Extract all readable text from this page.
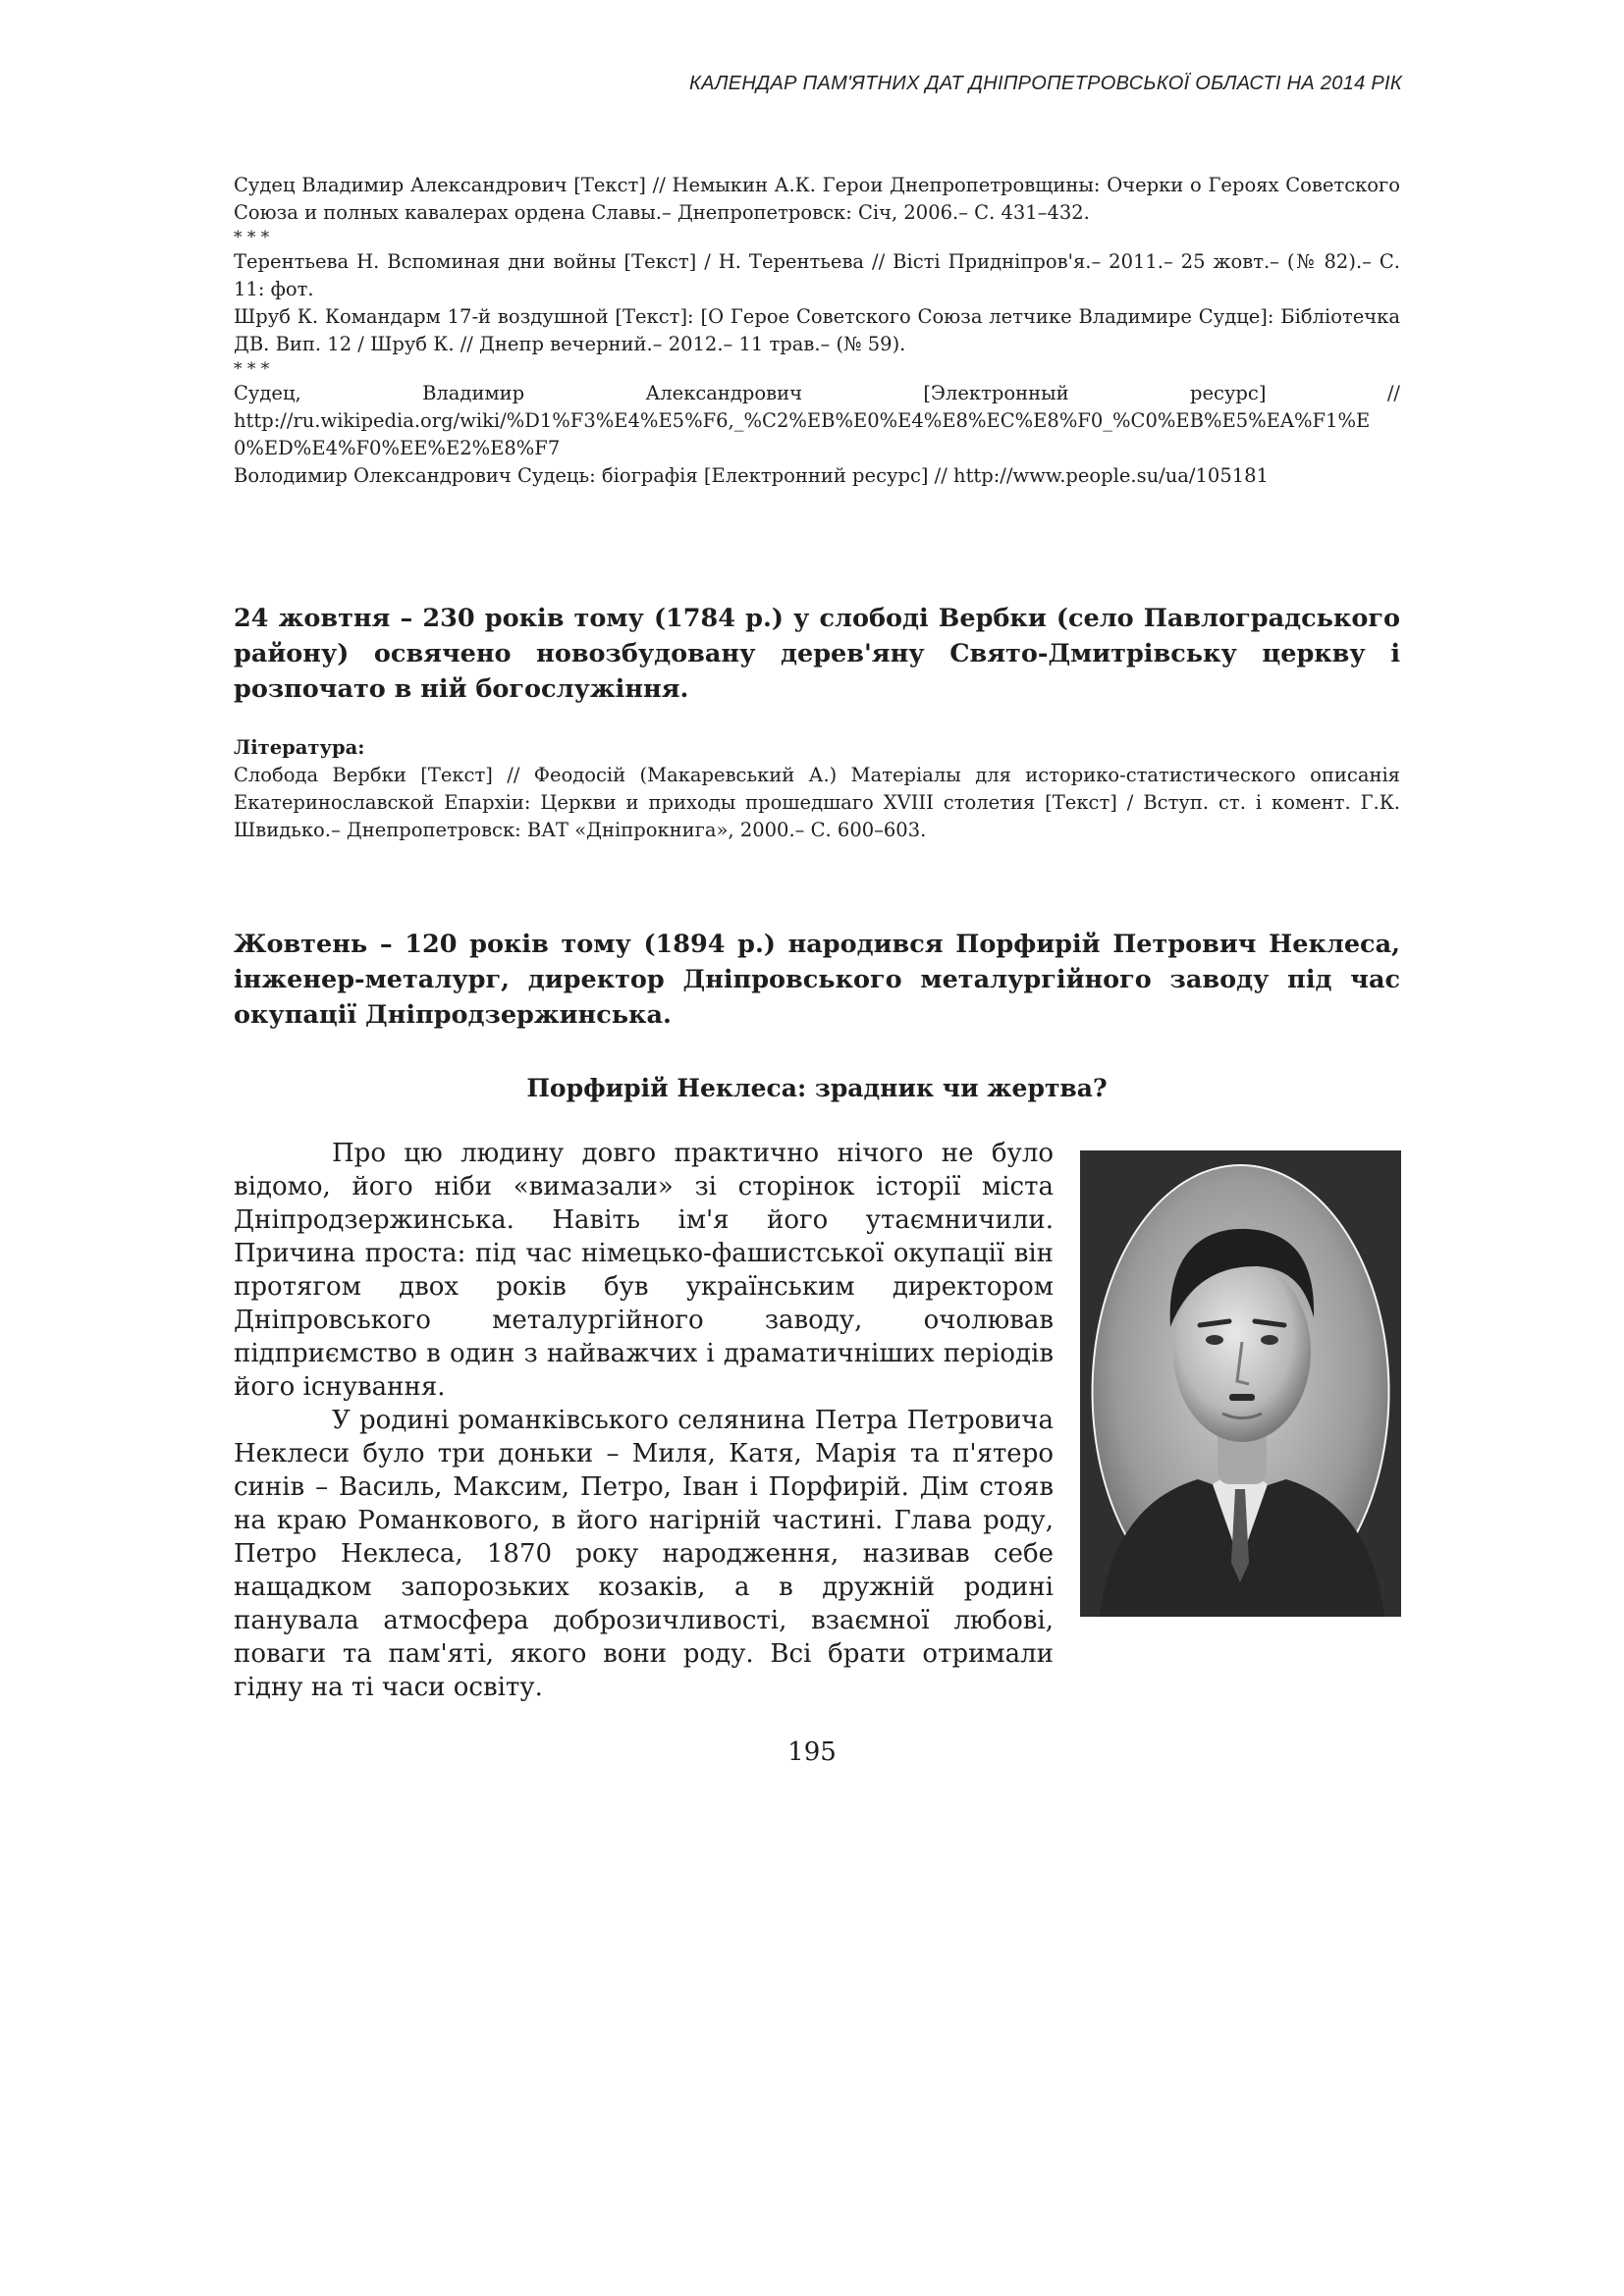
КАЛЕНДАР ПАМ'ЯТНИХ ДАТ ДНІПРОПЕТРОВСЬКОЇ ОБЛАСТІ НА 2014 РІК

Судец Владимир Александрович [Текст] // Немыкин А.К. Герои Днепропетровщины: Очерки о Героях Советского Союза и полных кавалерах ордена Славы.– Днепропетровск: Січ, 2006.– С. 431–432.

* * *

Терентьева Н. Вспоминая дни войны [Текст] / Н. Терентьева // Вісті Придніпров'я.– 2011.– 25 жовт.– (№ 82).– С. 11: фот.

Шруб К. Командарм 17-й воздушной [Текст]: [О Герое Советского Союза летчике Владимире Судце]: Бібліотечка ДВ. Вип. 12 / Шруб К. // Днепр вечерний.– 2012.– 11 трав.– (№ 59).

* * *

Судец, Владимир Александрович [Электронный ресурс] //

http://ru.wikipedia.org/wiki/%D1%F3%E4%E5%F6,_%C2%EB%E0%E4%E8%EC%E8%F0_%C0%EB%E5%EA%F1%E0%ED%E4%F0%EE%E2%E8%F7

Володимир Олександрович Судець: біографія [Електронний ресурс] // http://www.people.su/ua/105181

24 жовтня – 230 років тому (1784 р.) у слободі Вербки (село Павлоградського району) освячено новозбудовану дерев'яну Свято-Дмитрівську церкву і розпочато в ній богослужіння.

Література:

Слобода Вербки [Текст] // Феодосій (Макаревський А.) Матеріалы для историко-статистического описанія Екатеринославской Епархіи: Церкви и приходы прошедшаго XVIII столетия [Текст] / Вступ. ст. і комент. Г.К. Швидько.– Днепропетровск: ВАТ «Дніпрокнига», 2000.– С. 600–603.

Жовтень – 120 років тому (1894 р.) народився Порфирій Петрович Неклеса, інженер-металург, директор Дніпровського металургійного заводу під час окупації Дніпродзержинська.

Порфирій Неклеса: зрадник чи жертва?

Про цю людину довго практично нічого не було відомо, його ніби «вимазали» зі сторінок історії міста Дніпродзержинська. Навіть ім'я його утаємничили. Причина проста: під час німецько-фашистської окупації він протягом двох років був українським директором Дніпровського металургійного заводу, очолював підприємство в один з найважчих і драматичніших періодів його існування.

У родині романківського селянина Петра Петровича Неклеси було три доньки – Миля, Катя, Марія та п'ятеро синів – Василь, Максим, Петро, Іван і Порфирій. Дім стояв на краю Романкового, в його нагірній частині. Глава роду, Петро Неклеса, 1870 року народження, називав себе нащадком запорозьких козаків, а в дружній родині панувала атмосфера доброзичливості, взаємної любові, поваги та пам'яті, якого вони роду. Всі брати отримали гідну на ті часи освіту.

195
